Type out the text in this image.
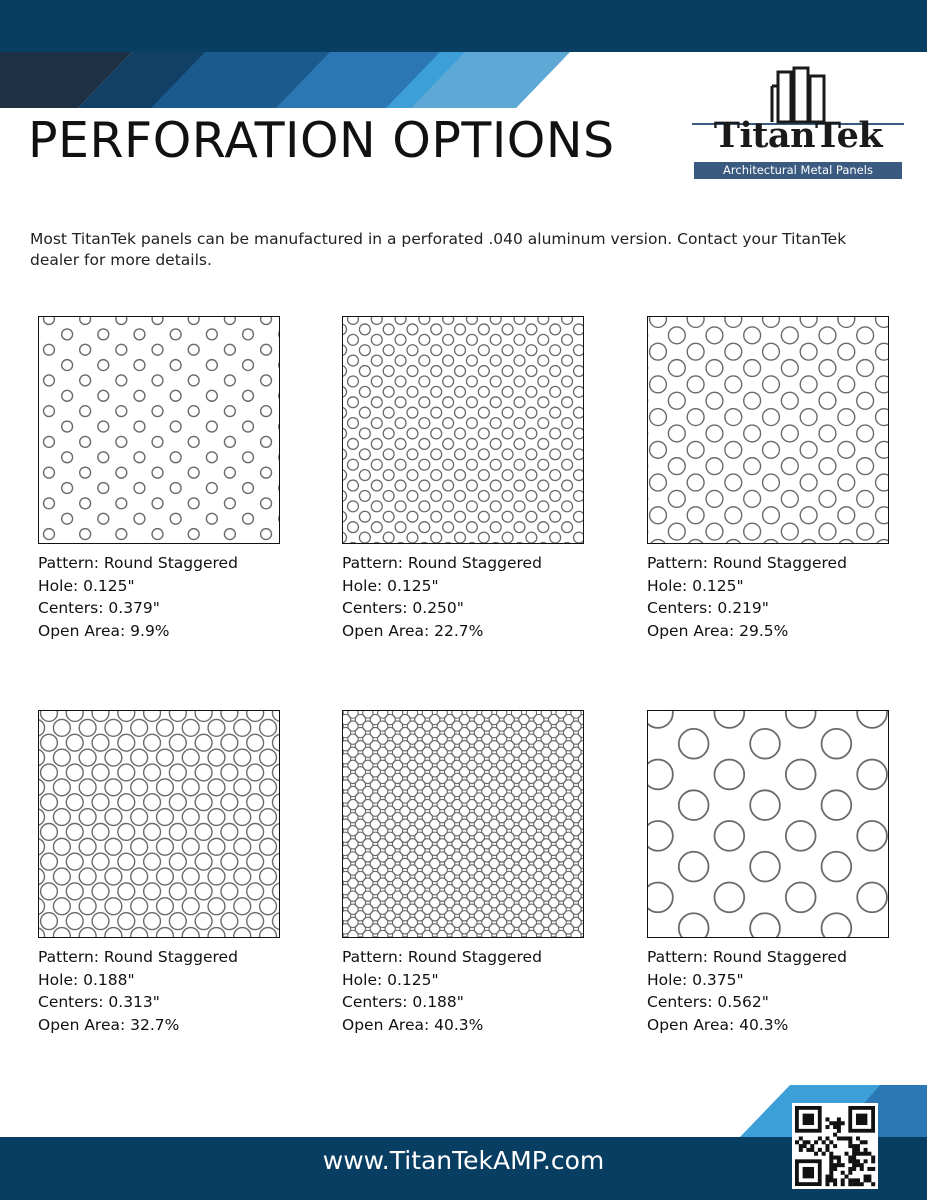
PERFORATION OPTIONS	TitanTek
Architectural Metal Panels

Most TitanTek panels can be manufactured in a perforated .040 aluminum version. Contact your TitanTek dealer for more details.

Pattern: Round Staggered
Hole: 0.125"
Centers: 0.379"
Open Area: 9.9%
Pattern: Round Staggered
Hole: 0.125"
Centers: 0.250"
Open Area: 22.7%
Pattern: Round Staggered
Hole: 0.125"
Centers: 0.219"
Open Area: 29.5%
Pattern: Round Staggered
Hole: 0.188"
Centers: 0.313"
Open Area: 32.7%
Pattern: Round Staggered
Hole: 0.125"
Centers: 0.188"
Open Area: 40.3%
Pattern: Round Staggered
Hole: 0.375"
Centers: 0.562"
Open Area: 40.3%
www.TitanTekAMP.com
